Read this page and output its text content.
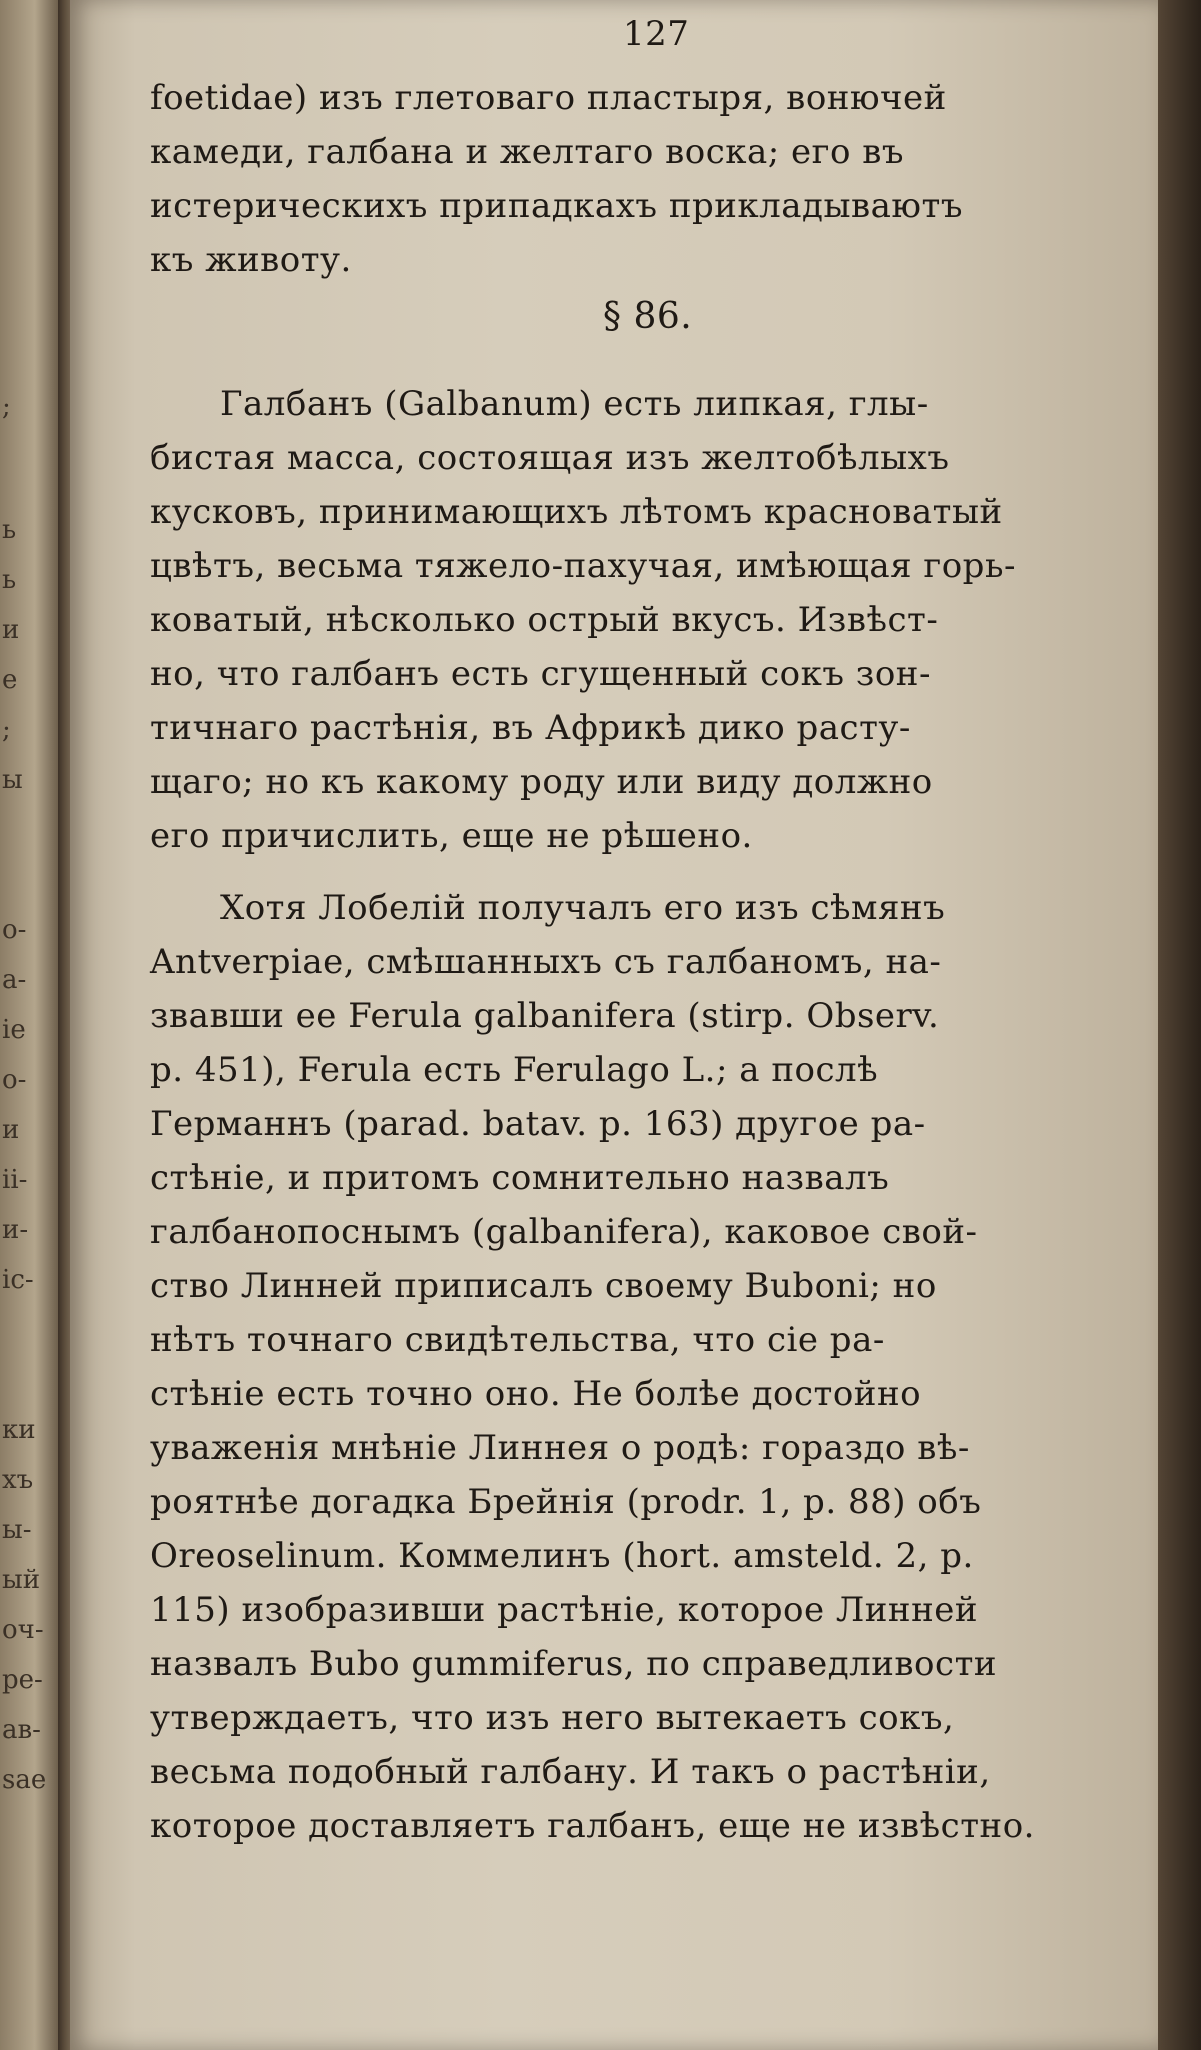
;
ь
ь
и
е
;
ы
о-
а-
іе
о-
и
іі-
и-
іс-
ки
хъ
ы-
ый
оч-
ре-
ав-
sae
127
foetidae) изъ глетоваго пластыря, вонючей
камеди, галбана и желтаго воска; его въ
истерическихъ припадкахъ прикладываютъ
къ животу.
§ 86.
Галбанъ (Galbanum) есть липкая, глы-
бистая масса, состоящая изъ желтобѣлыхъ
кусковъ, принимающихъ лѣтомъ красноватый
цвѣтъ, весьма тяжело-пахучая, имѣющая горь-
коватый, нѣсколько острый вкусъ. Извѣст-
но, что галбанъ есть сгущенный сокъ зон-
тичнаго растѣнія, въ Африкѣ дико расту-
щаго; но къ какому роду или виду должно
его причислить, еще не рѣшено.
Хотя Лобелій получалъ его изъ сѣмянъ
Antverpiae, смѣшанныхъ съ галбаномъ, на-
звавши ее Ferula galbanifera (stirp. Observ.
p. 451), Ferula есть Ferulago L.; а послѣ
Германнъ (parad. batav. p. 163) другое ра-
стѣніе, и притомъ сомнительно назвалъ
галбанопоснымъ (galbanifera), каковое свой-
ство Линней приписалъ своему Buboni; но
нѣтъ точнаго свидѣтельства, что сіе ра-
стѣніе есть точно оно. Не болѣе достойно
уваженія мнѣніе Линнея о родѣ: гораздо вѣ-
роятнѣе догадка Брейнія (prodr. 1, p. 88) объ
Oreoselinum. Коммелинъ (hort. amsteld. 2, p.
115) изобразивши растѣніе, которое Линней
назвалъ Bubo gummiferus, по справедливости
утверждаетъ, что изъ него вытекаетъ сокъ,
весьма подобный галбану. И такъ о растѣніи,
которое доставляетъ галбанъ, еще не извѣстно.
